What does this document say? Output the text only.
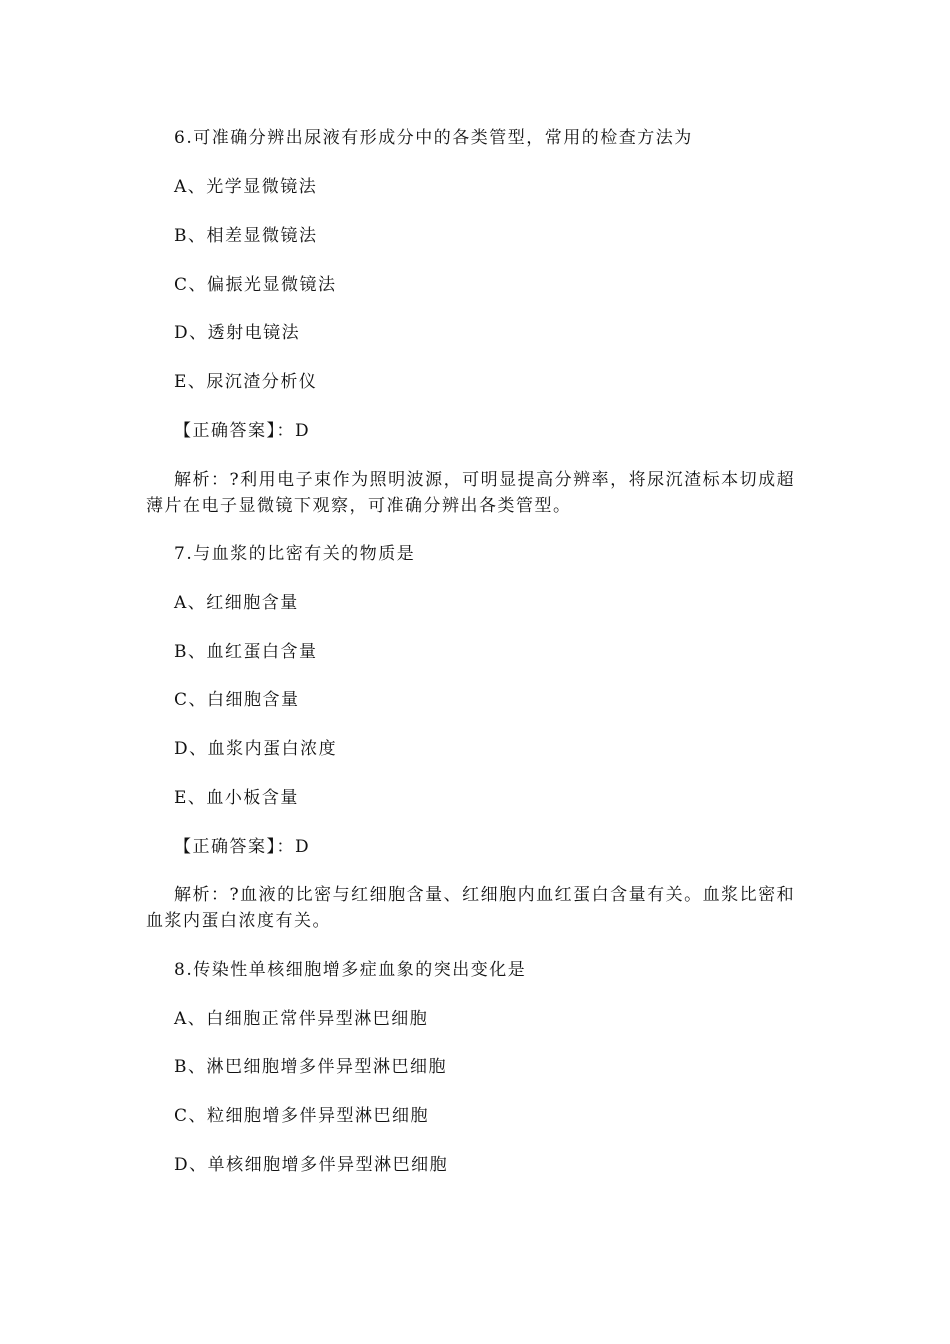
6.可准确分辨出尿液有形成分中的各类管型，常用的检查方法为
A、光学显微镜法
B、相差显微镜法
C、偏振光显微镜法
D、透射电镜法
E、尿沉渣分析仪
【正确答案】：D
解析：?利用电子束作为照明波源，可明显提高分辨率，将尿沉渣标本切成超薄片在电子显微镜下观察，可准确分辨出各类管型。
7.与血浆的比密有关的物质是
A、红细胞含量
B、血红蛋白含量
C、白细胞含量
D、血浆内蛋白浓度
E、血小板含量
【正确答案】：D
解析：?血液的比密与红细胞含量、红细胞内血红蛋白含量有关。血浆比密和血浆内蛋白浓度有关。
8.传染性单核细胞增多症血象的突出变化是
A、白细胞正常伴异型淋巴细胞
B、淋巴细胞增多伴异型淋巴细胞
C、粒细胞增多伴异型淋巴细胞
D、单核细胞增多伴异型淋巴细胞
